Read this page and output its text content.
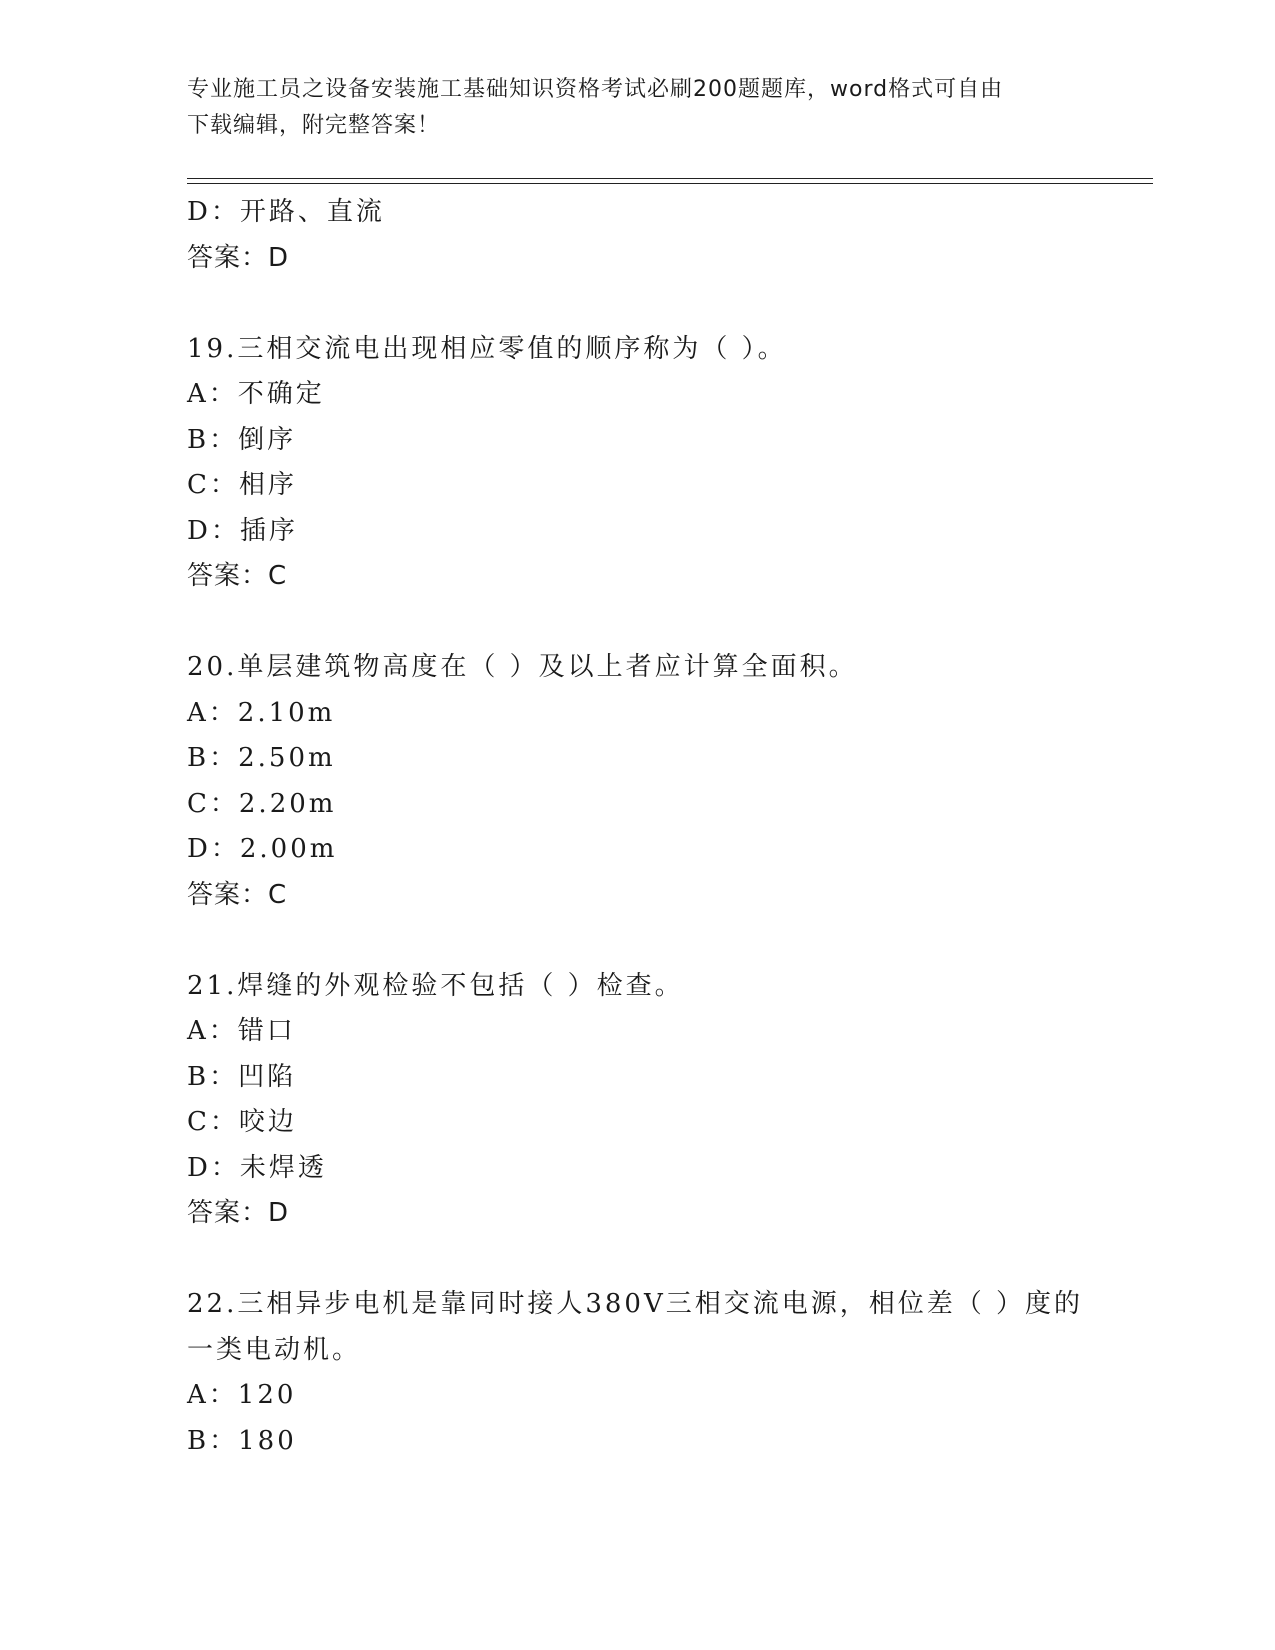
专业施工员之设备安装施工基础知识资格考试必刷200题题库，word格式可自由
下载编辑，附完整答案！
D：开路、直流
答案：D
19.三相交流电出现相应零值的顺序称为（ ）。
A：不确定
B：倒序
C：相序
D：插序
答案：C
20.单层建筑物高度在（ ）及以上者应计算全面积。
A：2.10m
B：2.50m
C：2.20m
D：2.00m
答案：C
21.焊缝的外观检验不包括（ ）检查。
A：错口
B：凹陷
C：咬边
D：未焊透
答案：D
22.三相异步电机是靠同时接人380V三相交流电源，相位差（ ）度的
一类电动机。
A：120
B：180
